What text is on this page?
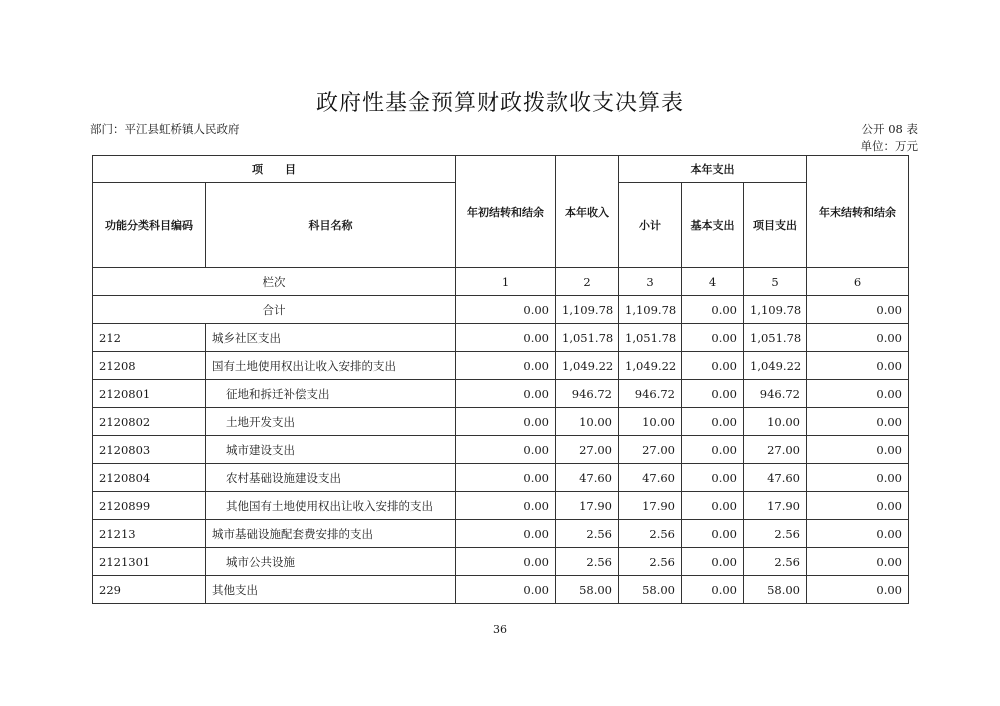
政府性基金预算财政拨款收支决算表
部门：平江县虹桥镇人民政府	公开 08 表
单位：万元
项　　目		年初结转和结余	本年收入	本年支出			年末结转和结余
功能分类科目编码	科目名称			小计	基本支出	项目支出	
栏次		1	2	3	4	5	6
合计		0.00	1,109.78	1,109.78	0.00	1,109.78	0.00
212	城乡社区支出	0.00	1,051.78	1,051.78	0.00	1,051.78	0.00
21208	国有土地使用权出让收入安排的支出	0.00	1,049.22	1,049.22	0.00	1,049.22	0.00
2120801	征地和拆迁补偿支出	0.00	946.72	946.72	0.00	946.72	0.00
2120802	土地开发支出	0.00	10.00	10.00	0.00	10.00	0.00
2120803	城市建设支出	0.00	27.00	27.00	0.00	27.00	0.00
2120804	农村基础设施建设支出	0.00	47.60	47.60	0.00	47.60	0.00
2120899	其他国有土地使用权出让收入安排的支出	0.00	17.90	17.90	0.00	17.90	0.00
21213	城市基础设施配套费安排的支出	0.00	2.56	2.56	0.00	2.56	0.00
2121301	城市公共设施	0.00	2.56	2.56	0.00	2.56	0.00
229	其他支出	0.00	58.00	58.00	0.00	58.00	0.00
36
